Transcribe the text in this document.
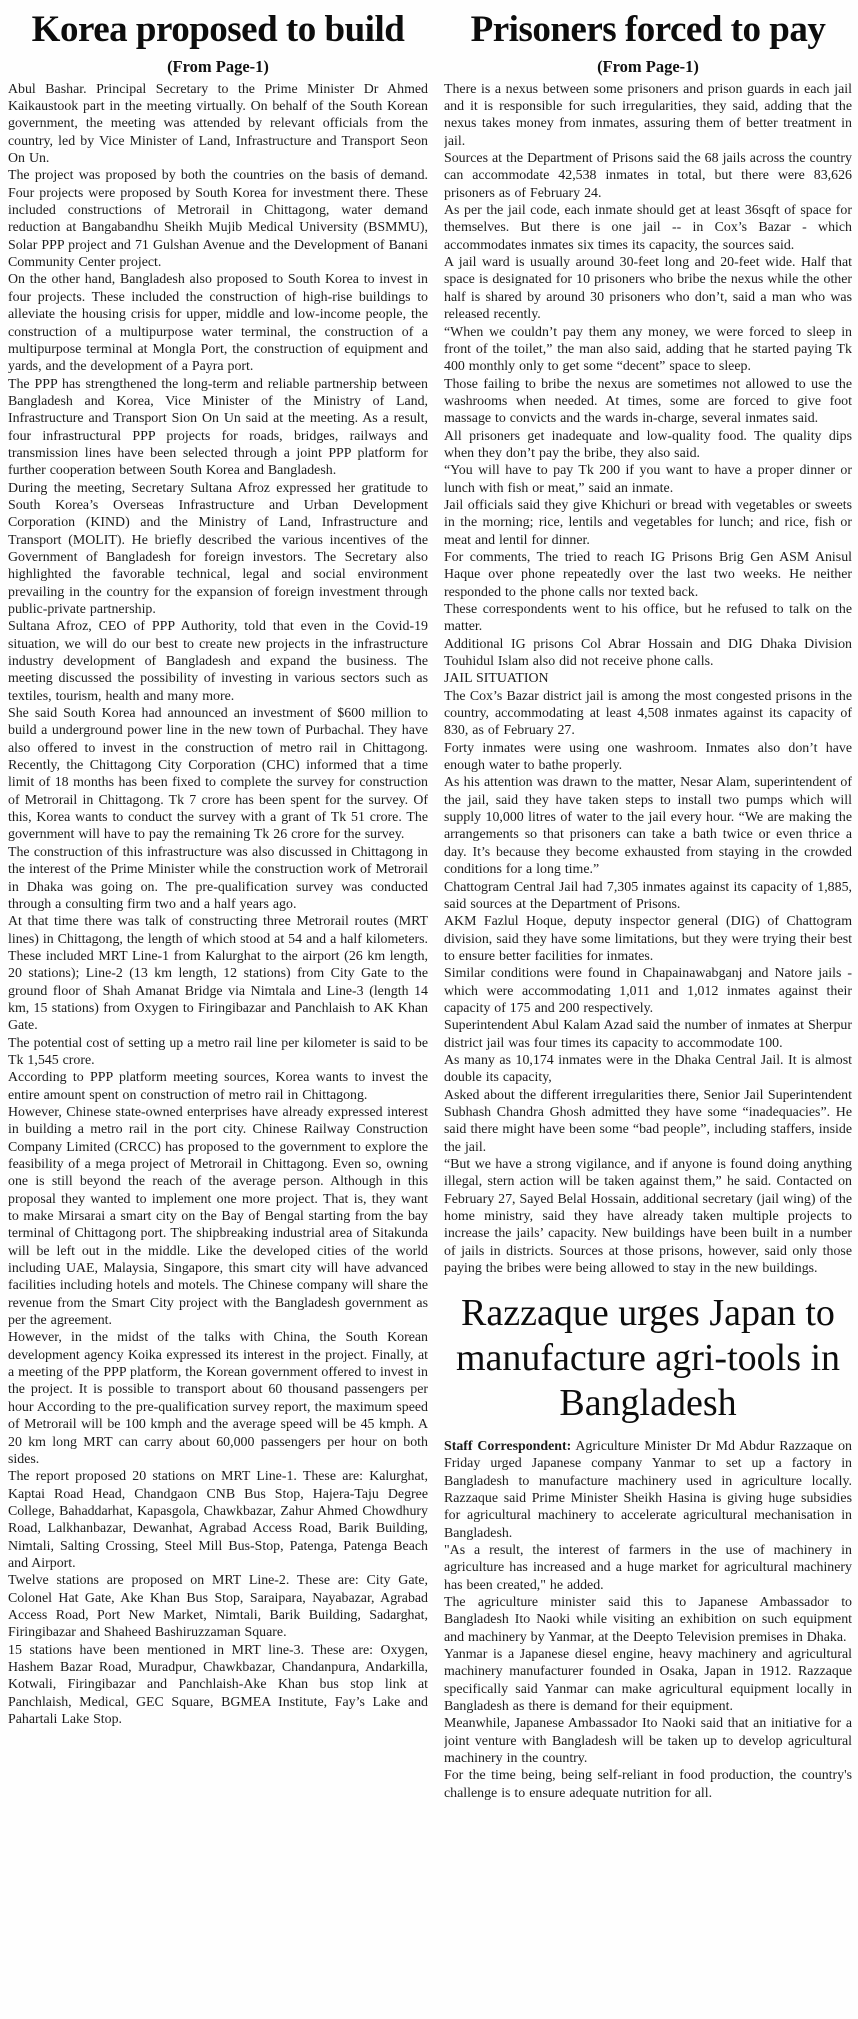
Korea proposed to build
(From Page-1)

Abul Bashar. Principal Secretary to the Prime Minister Dr Ahmed Kaikaustook part in the meeting virtually. On behalf of the South Korean government, the meeting was attended by relevant officials from the country, led by Vice Minister of Land, Infrastructure and Transport Seon On Un.

The project was proposed by both the countries on the basis of demand. Four projects were proposed by South Korea for investment there. These included constructions of Metrorail in Chittagong, water demand reduction at Bangabandhu Sheikh Mujib Medical University (BSMMU), Solar PPP project and 71 Gulshan Avenue and the Development of Banani Community Center project.

On the other hand, Bangladesh also proposed to South Korea to invest in four projects. These included the construction of high-rise buildings to alleviate the housing crisis for upper, middle and low-income people, the construction of a multipurpose water terminal, the construction of a multipurpose terminal at Mongla Port, the construction of equipment and yards, and the development of a Payra port.

The PPP has strengthened the long-term and reliable partnership between Bangladesh and Korea, Vice Minister of the Ministry of Land, Infrastructure and Transport Sion On Un said at the meeting. As a result, four infrastructural PPP projects for roads, bridges, railways and transmission lines have been selected through a joint PPP platform for further cooperation between South Korea and Bangladesh.

During the meeting, Secretary Sultana Afroz expressed her gratitude to South Korea’s Overseas Infrastructure and Urban Development Corporation (KIND) and the Ministry of Land, Infrastructure and Transport (MOLIT). He briefly described the various incentives of the Government of Bangladesh for foreign investors. The Secretary also highlighted the favorable technical, legal and social environment prevailing in the country for the expansion of foreign investment through public-private partnership.

Sultana Afroz, CEO of PPP Authority, told that even in the Covid-19 situation, we will do our best to create new projects in the infrastructure industry development of Bangladesh and expand the business. The meeting discussed the possibility of investing in various sectors such as textiles, tourism, health and many more.

She said South Korea had announced an investment of $600 million to build a underground power line in the new town of Purbachal. They have also offered to invest in the construction of metro rail in Chittagong. Recently, the Chittagong City Corporation (CHC) informed that a time limit of 18 months has been fixed to complete the survey for construction of Metrorail in Chittagong. Tk 7 crore has been spent for the survey. Of this, Korea wants to conduct the survey with a grant of Tk 51 crore. The government will have to pay the remaining Tk 26 crore for the survey.

The construction of this infrastructure was also discussed in Chittagong in the interest of the Prime Minister while the construction work of Metrorail in Dhaka was going on. The pre-qualification survey was conducted through a consulting firm two and a half years ago.

At that time there was talk of constructing three Metrorail routes (MRT lines) in Chittagong, the length of which stood at 54 and a half kilometers. These included MRT Line-1 from Kalurghat to the airport (26 km length, 20 stations); Line-2 (13 km length, 12 stations) from City Gate to the ground floor of Shah Amanat Bridge via Nimtala and Line-3 (length 14 km, 15 stations) from Oxygen to Firingibazar and Panchlaish to AK Khan Gate.

The potential cost of setting up a metro rail line per kilometer is said to be Tk 1,545 crore.

According to PPP platform meeting sources, Korea wants to invest the entire amount spent on construction of metro rail in Chittagong.

However, Chinese state-owned enterprises have already expressed interest in building a metro rail in the port city. Chinese Railway Construction Company Limited (CRCC) has proposed to the government to explore the feasibility of a mega project of Metrorail in Chittagong. Even so, owning one is still beyond the reach of the average person. Although in this proposal they wanted to implement one more project. That is, they want to make Mirsarai a smart city on the Bay of Bengal starting from the bay terminal of Chittagong port. The shipbreaking industrial area of Sitakunda will be left out in the middle. Like the developed cities of the world including UAE, Malaysia, Singapore, this smart city will have advanced facilities including hotels and motels. The Chinese company will share the revenue from the Smart City project with the Bangladesh government as per the agreement.

However, in the midst of the talks with China, the South Korean development agency Koika expressed its interest in the project. Finally, at a meeting of the PPP platform, the Korean government offered to invest in the project. It is possible to transport about 60 thousand passengers per hour According to the pre-qualification survey report, the maximum speed of Metrorail will be 100 kmph and the average speed will be 45 kmph. A 20 km long MRT can carry about 60,000 passengers per hour on both sides.

The report proposed 20 stations on MRT Line-1. These are: Kalurghat, Kaptai Road Head, Chandgaon CNB Bus Stop, Hajera-Taju Degree College, Bahaddarhat, Kapasgola, Chawkbazar, Zahur Ahmed Chowdhury Road, Lalkhanbazar, Dewanhat, Agrabad Access Road, Barik Building, Nimtali, Salting Crossing, Steel Mill Bus-Stop, Patenga, Patenga Beach and Airport.

Twelve stations are proposed on MRT Line-2. These are: City Gate, Colonel Hat Gate, Ake Khan Bus Stop, Saraipara, Nayabazar, Agrabad Access Road, Port New Market, Nimtali, Barik Building, Sadarghat, Firingibazar and Shaheed Bashiruzzaman Square.

15 stations have been mentioned in MRT line-3. These are: Oxygen, Hashem Bazar Road, Muradpur, Chawkbazar, Chandanpura, Andarkilla, Kotwali, Firingibazar and Panchlaish-Ake Khan bus stop link at Panchlaish, Medical, GEC Square, BGMEA Institute, Fay’s Lake and Pahartali Lake Stop.

Prisoners forced to pay
(From Page-1)

There is a nexus between some prisoners and prison guards in each jail and it is responsible for such irregularities, they said, adding that the nexus takes money from inmates, assuring them of better treatment in jail.

Sources at the Department of Prisons said the 68 jails across the country can accommodate 42,538 inmates in total, but there were 83,626 prisoners as of February 24.

As per the jail code, each inmate should get at least 36sqft of space for themselves. But there is one jail -- in Cox’s Bazar - which accommodates inmates six times its capacity, the sources said.

A jail ward is usually around 30-feet long and 20-feet wide. Half that space is designated for 10 prisoners who bribe the nexus while the other half is shared by around 30 prisoners who don’t, said a man who was released recently.

“When we couldn’t pay them any money, we were forced to sleep in front of the toilet,” the man also said, adding that he started paying Tk 400 monthly only to get some “decent” space to sleep.

Those failing to bribe the nexus are sometimes not allowed to use the washrooms when needed. At times, some are forced to give foot massage to convicts and the wards in-charge, several inmates said.

All prisoners get inadequate and low-quality food. The quality dips when they don’t pay the bribe, they also said.

“You will have to pay Tk 200 if you want to have a proper dinner or lunch with fish or meat,” said an inmate.

Jail officials said they give Khichuri or bread with vegetables or sweets in the morning; rice, lentils and vegetables for lunch; and rice, fish or meat and lentil for dinner.

For comments, The tried to reach IG Prisons Brig Gen ASM Anisul Haque over phone repeatedly over the last two weeks. He neither responded to the phone calls nor texted back.

These correspondents went to his office, but he refused to talk on the matter.

Additional IG prisons Col Abrar Hossain and DIG Dhaka Division Touhidul Islam also did not receive phone calls.

JAIL SITUATION

The Cox’s Bazar district jail is among the most congested prisons in the country, accommodating at least 4,508 inmates against its capacity of 830, as of February 27.

Forty inmates were using one washroom. Inmates also don’t have enough water to bathe properly.

As his attention was drawn to the matter, Nesar Alam, superintendent of the jail, said they have taken steps to install two pumps which will supply 10,000 litres of water to the jail every hour. “We are making the arrangements so that prisoners can take a bath twice or even thrice a day. It’s because they become exhausted from staying in the crowded conditions for a long time.”

Chattogram Central Jail had 7,305 inmates against its capacity of 1,885, said sources at the Department of Prisons.

AKM Fazlul Hoque, deputy inspector general (DIG) of Chattogram division, said they have some limitations, but they were trying their best to ensure better facilities for inmates.

Similar conditions were found in Chapainawabganj and Natore jails - which were accommodating 1,011 and 1,012 inmates against their capacity of 175 and 200 respectively.

Superintendent Abul Kalam Azad said the number of inmates at Sherpur district jail was four times its capacity to accommodate 100.

As many as 10,174 inmates were in the Dhaka Central Jail. It is almost double its capacity,

Asked about the different irregularities there, Senior Jail Superintendent Subhash Chandra Ghosh admitted they have some “inadequacies”. He said there might have been some “bad people”, including staffers, inside the jail.

“But we have a strong vigilance, and if anyone is found doing anything illegal, stern action will be taken against them,” he said. Contacted on February 27, Sayed Belal Hossain, additional secretary (jail wing) of the home ministry, said they have already taken multiple projects to increase the jails’ capacity. New buildings have been built in a number of jails in districts. Sources at those prisons, however, said only those paying the bribes were being allowed to stay in the new buildings.

Razzaque urges Japan to manufacture agri-tools in Bangladesh

Staff Correspondent: Agriculture Minister Dr Md Abdur Razzaque on Friday urged Japanese company Yanmar to set up a factory in Bangladesh to manufacture machinery used in agriculture locally. Razzaque said Prime Minister Sheikh Hasina is giving huge subsidies for agricultural machinery to accelerate agricultural mechanisation in Bangladesh.

"As a result, the interest of farmers in the use of machinery in agriculture has increased and a huge market for agricultural machinery has been created," he added.

The agriculture minister said this to Japanese Ambassador to Bangladesh Ito Naoki while visiting an exhibition on such equipment and machinery by Yanmar, at the Deepto Television premises in Dhaka.

Yanmar is a Japanese diesel engine, heavy machinery and agricultural machinery manufacturer founded in Osaka, Japan in 1912. Razzaque specifically said Yanmar can make agricultural equipment locally in Bangladesh as there is demand for their equipment.

Meanwhile, Japanese Ambassador Ito Naoki said that an initiative for a joint venture with Bangladesh will be taken up to develop agricultural machinery in the country.

For the time being, being self-reliant in food production, the country's challenge is to ensure adequate nutrition for all.
